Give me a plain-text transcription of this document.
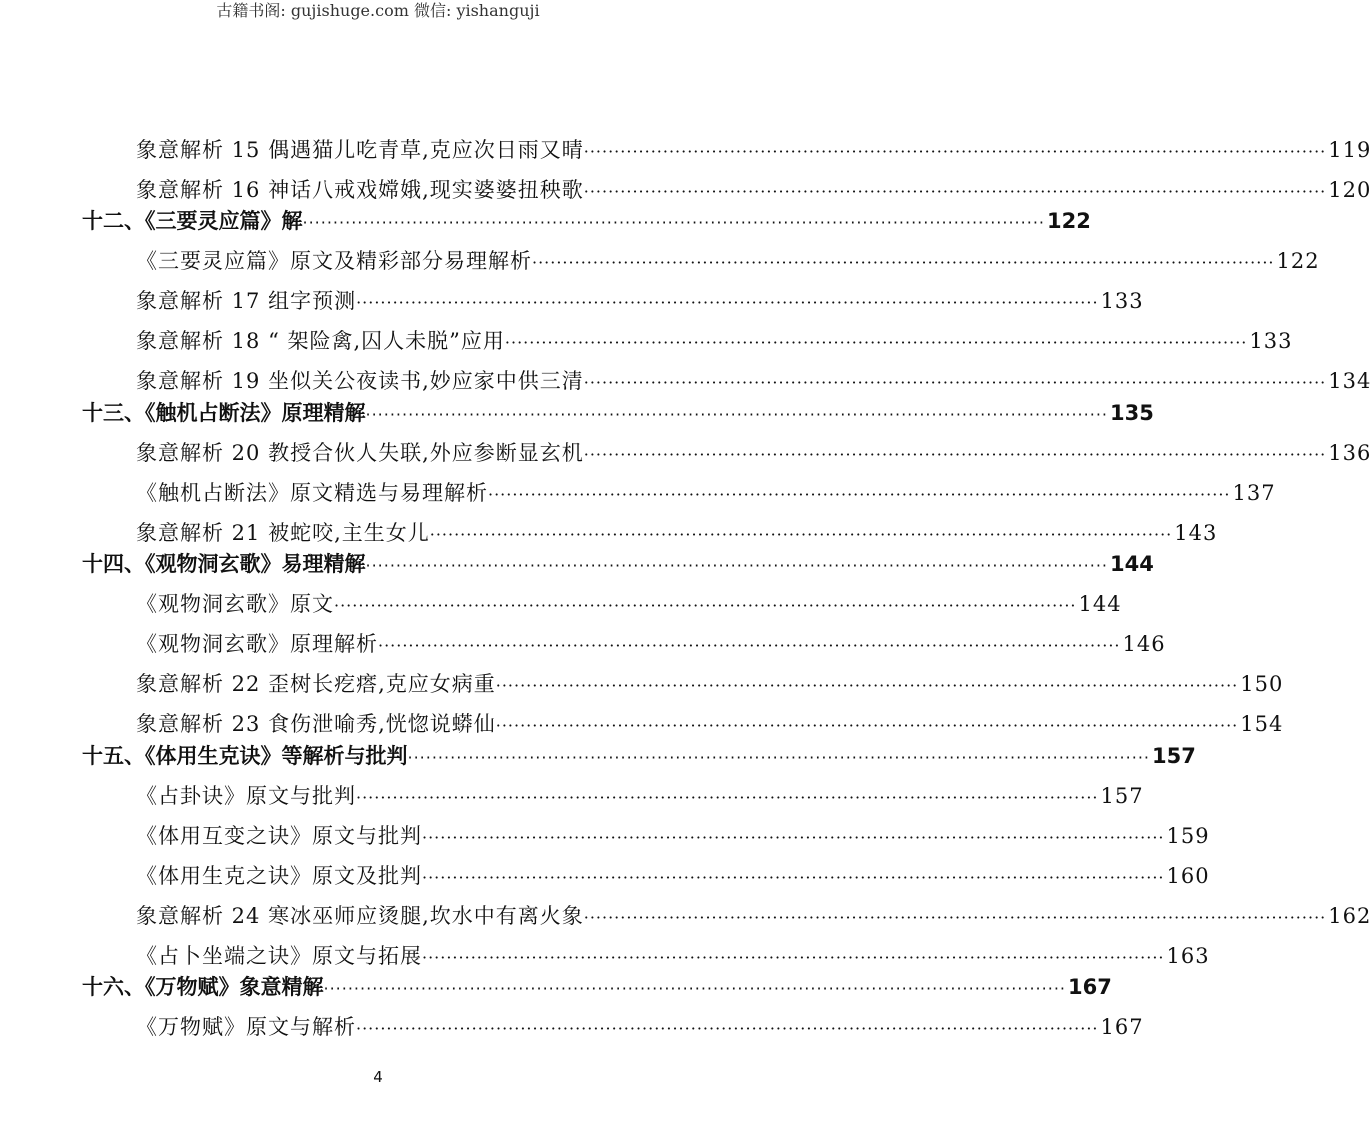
古籍书阁: gujishuge.com 微信: yishanguji
象意解析 15 偶遇猫儿吃青草,克应次日雨又晴 ·····	119
象意解析 16 神话八戒戏嫦娥,现实婆婆扭秧歌 ·····	120
十二、《三要灵应篇》解 ·····	122
《三要灵应篇》原文及精彩部分易理解析 ·····	122
象意解析 17 组字预测 ·····	133
象意解析 18 “ 架险禽,囚人未脱”应用 ·····	133
象意解析 19 坐似关公夜读书,妙应家中供三清 ·····	134
十三、《触机占断法》原理精解 ·····	135
象意解析 20 教授合伙人失联,外应参断显玄机 ·····	136
《触机占断法》原文精选与易理解析 ·····	137
象意解析 21 被蛇咬,主生女儿 ·····	143
十四、《观物洞玄歌》易理精解 ·····	144
《观物洞玄歌》原文 ·····	144
《观物洞玄歌》原理解析 ·····	146
象意解析 22 歪树长疙瘩,克应女病重 ·····	150
象意解析 23 食伤泄喻秀,恍惚说蟒仙 ·····	154
十五、《体用生克诀》等解析与批判 ·····	157
《占卦诀》原文与批判 ·····	157
《体用互变之诀》原文与批判 ·····	159
《体用生克之诀》原文及批判 ·····	160
象意解析 24 寒冰巫师应烫腿,坎水中有离火象 ·····	162
《占卜坐端之诀》原文与拓展 ·····	163
十六、《万物赋》象意精解 ·····	167
《万物赋》原文与解析 ·····	167
4
